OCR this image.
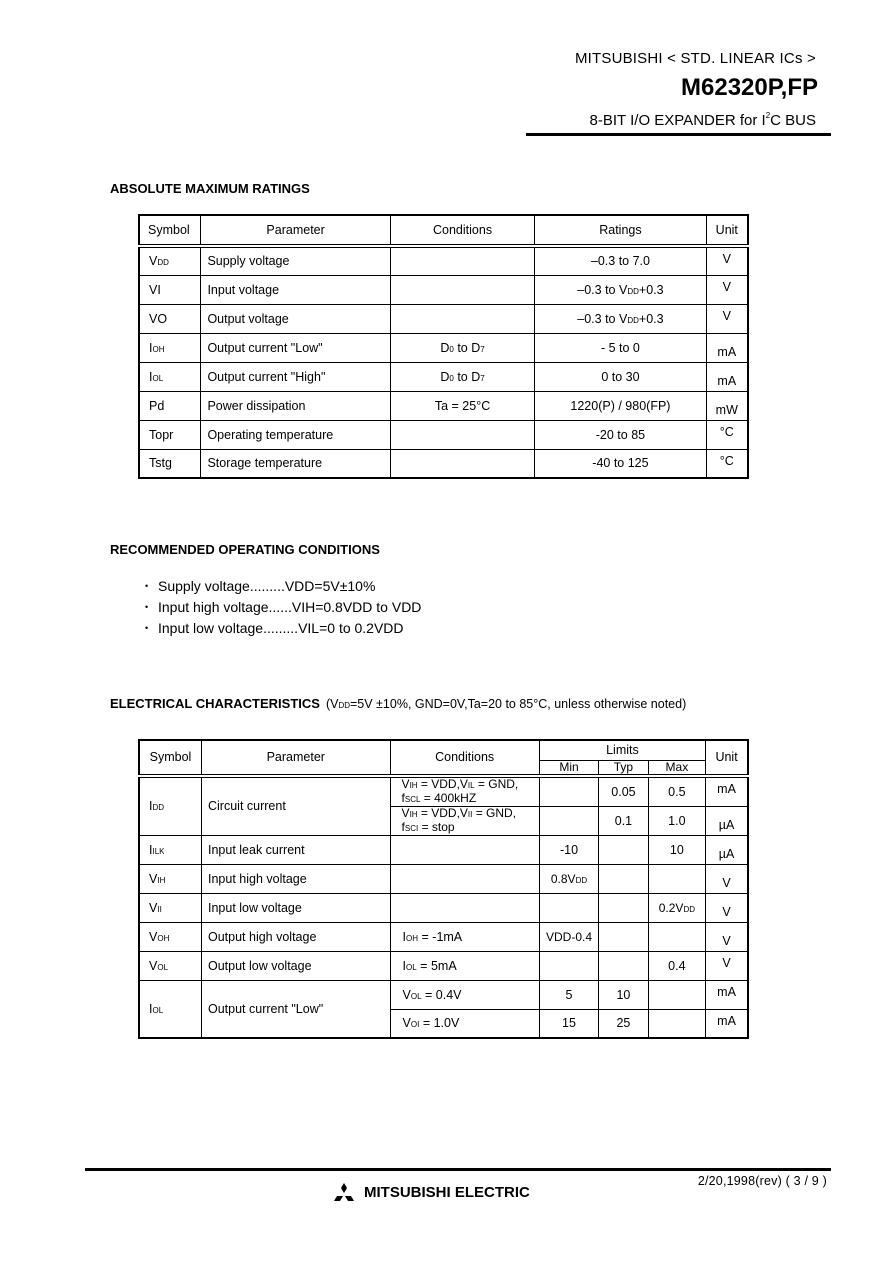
MITSUBISHI < STD. LINEAR ICs >
M62320P,FP
8-BIT I/O EXPANDER for $I^2C$ BUS
ABSOLUTE MAXIMUM RATINGS
Symbol	Parameter	Conditions	Ratings	Unit
VDD	Supply voltage		–0.3 to 7.0	V
VI	Input voltage		–0.3 to VDD+0.3	V
VO	Output voltage		–0.3 to VDD+0.3	V
IOH	Output current "Low"	D0 to D7	- 5 to 0	mA
IOL	Output current "High"	D0 to D7	0 to 30	mA
Pd	Power dissipation	Ta = 25°C	1220(P) / 980(FP)	mW
Topr	Operating temperature		-20 to 85	°C
Tstg	Storage temperature		-40 to 125	°C
RECOMMENDED OPERATING CONDITIONS
• Supply voltage.........VDD=5V±10%
• Input high voltage......VIH=0.8VDD to VDD
• Input low voltage.........VIL=0 to 0.2VDD
ELECTRICAL CHARACTERISTICS (VDD=5V ±10%, GND=0V,Ta=20 to 85°C, unless otherwise noted)
Symbol	Parameter	Conditions	Limits			Unit
			Min	Typ	Max	
IDD	Circuit current	VIH = VDD,VIL = GND,
fSCL = 400kHZ		0.05	0.5	mA

		VIH = VDD,VII = GND,
fSCI = stop		0.1	1.0	µA
IILK	Input leak current		-10		10	µA
VIH	Input high voltage		0.8VDD			V
VII	Input low voltage				0.2VDD	V
VOH	Output high voltage	IOH = -1mA	VDD-0.4			V
VOL	Output low voltage	IOL = 5mA			0.4	V
IOL	Output current "Low"	VOL = 0.4V	5	10		mA
		VOI = 1.0V	15	25		mA
2/20,1998(rev) ( 3 / 9 )
MITSUBISHI ELECTRIC
